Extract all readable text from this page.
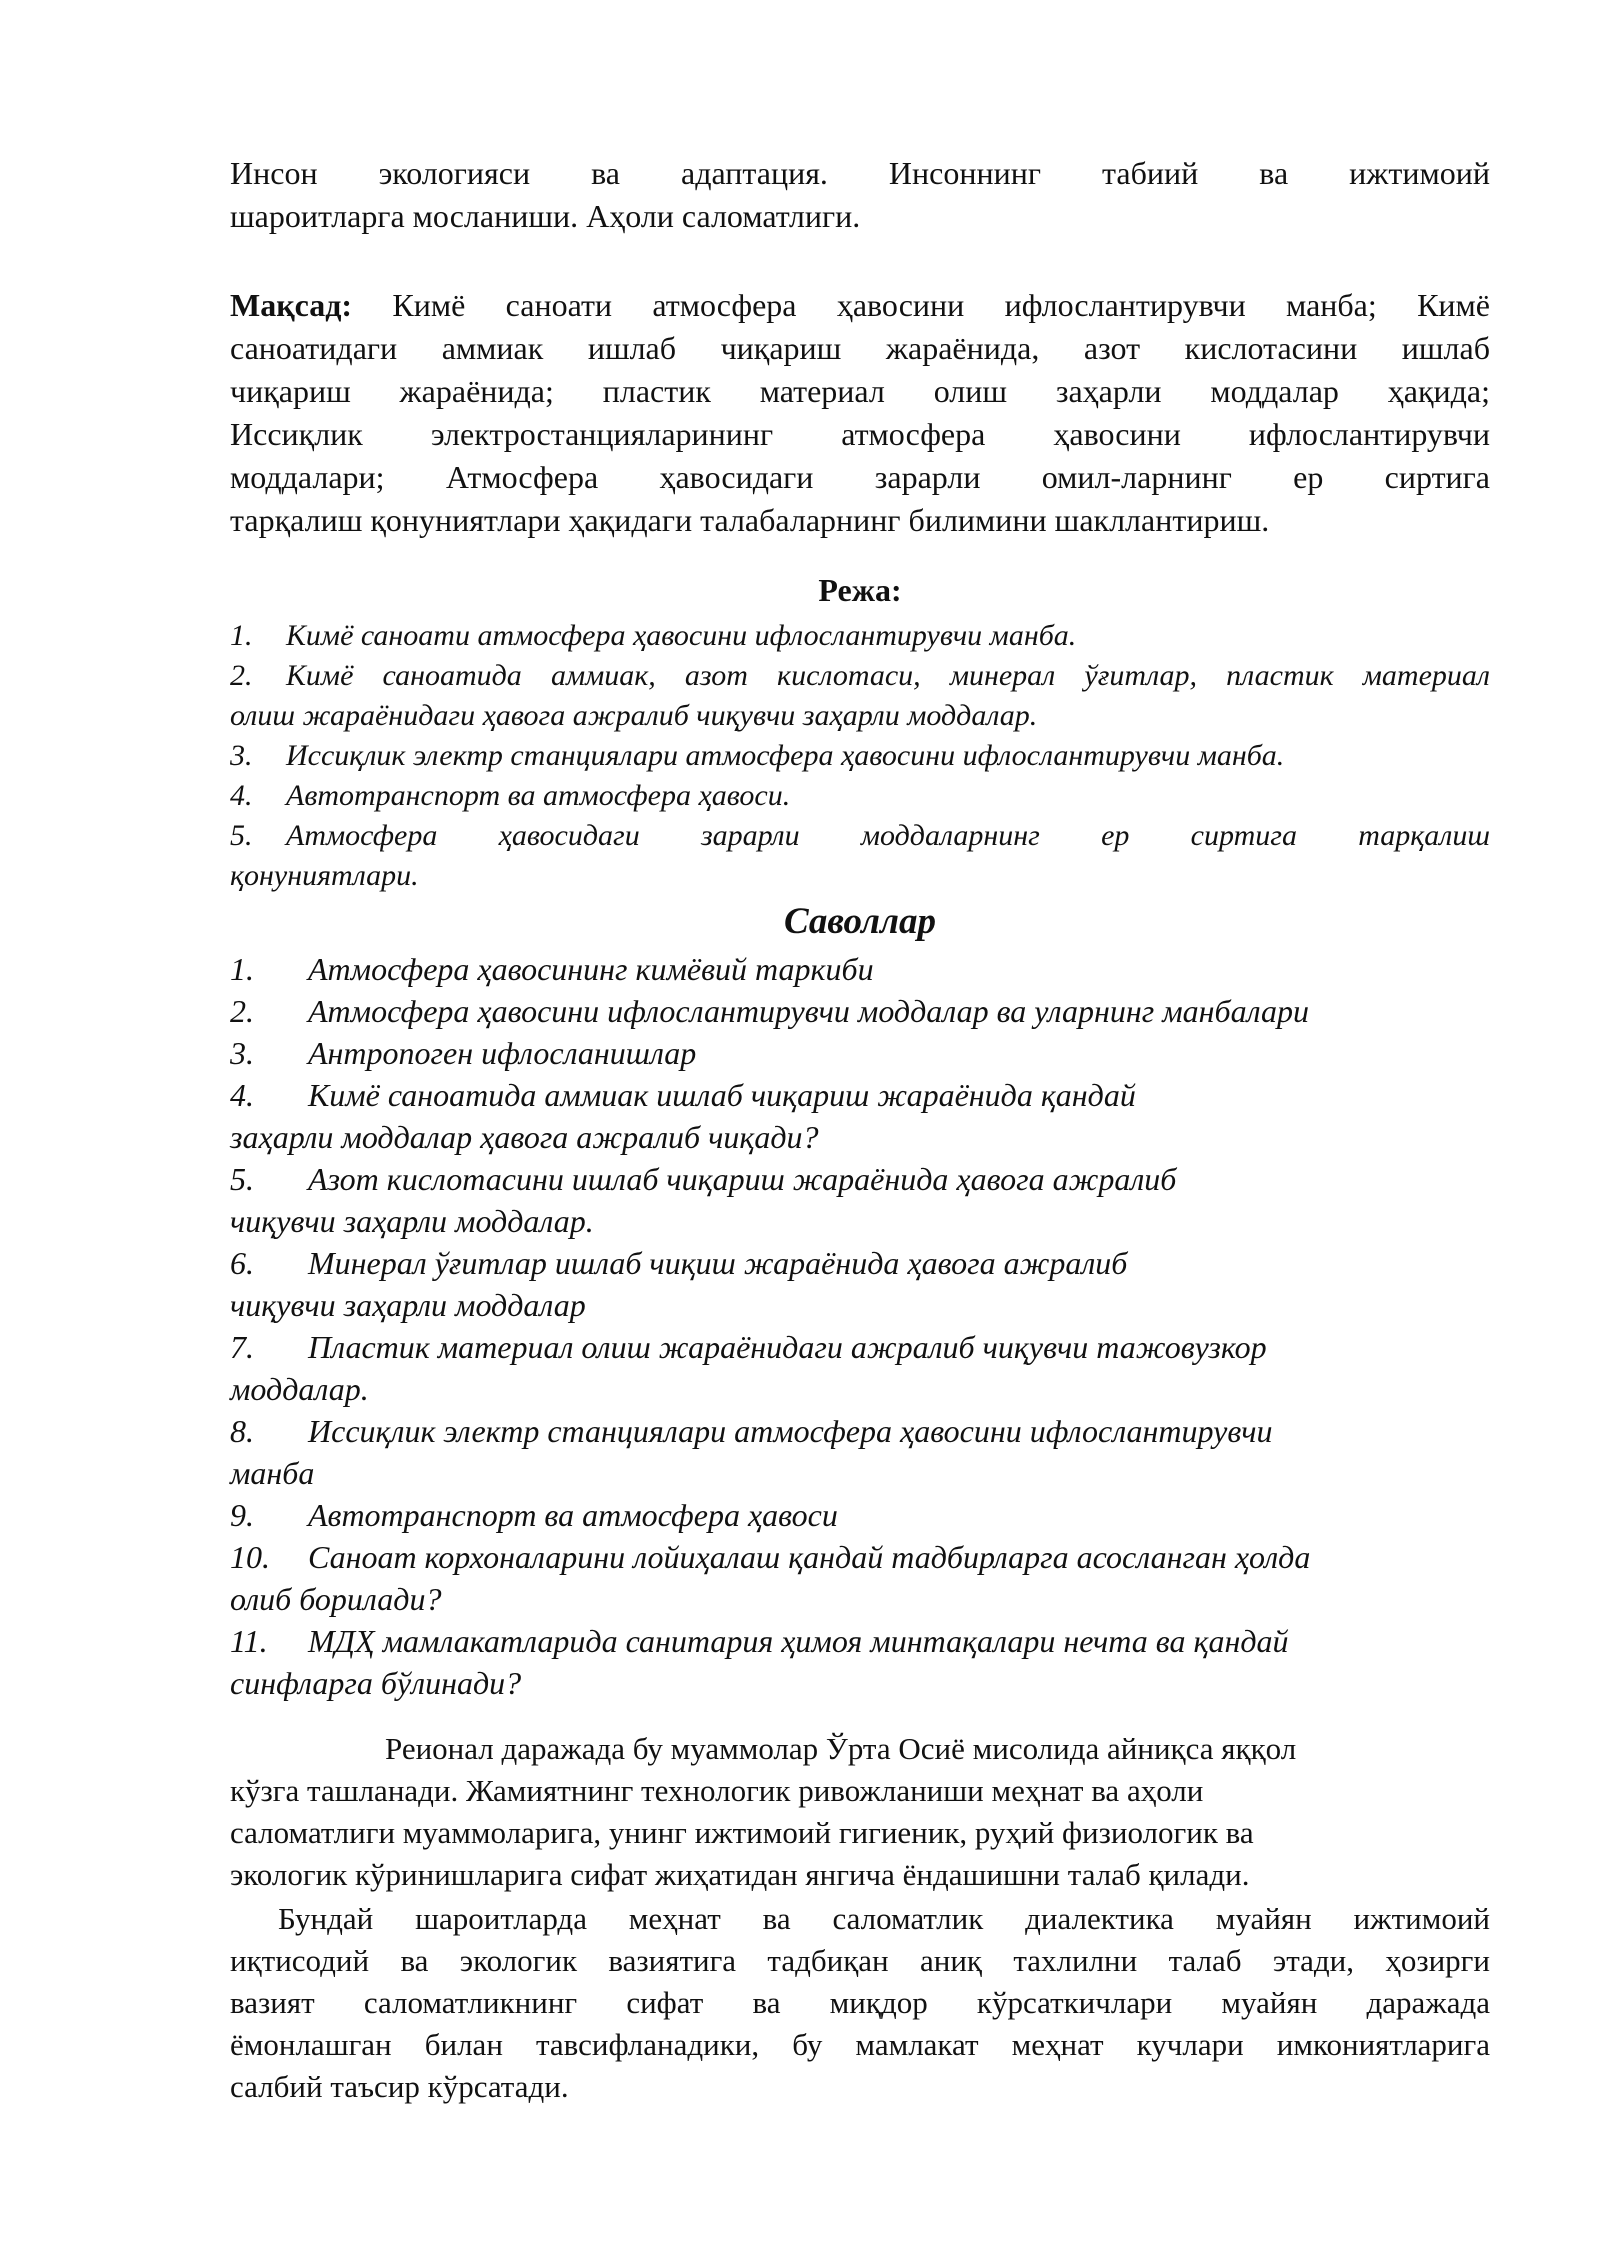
Инсон экологияси ва адаптация. Инсоннинг табиий ва ижтимоий

шароитларга мосланиши. Аҳоли саломатлиги.

Мақсад: Кимё саноати атмосфера ҳавосини ифлослантирувчи манба; Кимё

саноатидаги аммиак ишлаб чиқариш жараёнида, азот кислотасини ишлаб

чиқариш жараёнида; пластик материал олиш заҳарли моддалар ҳақида;

Иссиқлик электростанцияларининг атмосфера ҳавосини ифлослантирувчи

моддалари; Атмосфера ҳавосидаги зарарли омил-ларнинг ер сиртига

тарқалиш қонуниятлари ҳақидаги талабаларнинг билимини шакллантириш.

Режа:

1. Кимё саноати атмосфера ҳавосини ифлослантирувчи манба.

2. Кимё саноатида аммиак, азот кислотаси, минерал ўғитлар, пластик материал

олиш жараёнидаги ҳавога ажралиб чиқувчи заҳарли моддалар.

3. Иссиқлик электр станциялари атмосфера ҳавосини ифлослантирувчи манба.

4. Автотранспорт ва атмосфера ҳавоси.

5. Атмосфера ҳавосидаги зарарли моддаларнинг ер сиртига тарқалиш

қонуниятлари.

Саволлар

1. Атмосфера ҳавосининг кимёвий таркиби

2. Атмосфера ҳавосини ифлослантирувчи моддалар ва уларнинг манбалари

3. Антропоген ифлосланишлар

4. Кимё саноатида аммиак ишлаб чиқариш жараёнида қандай

заҳарли моддалар ҳавога ажралиб чиқади?

5. Азот кислотасини ишлаб чиқариш жараёнида ҳавога ажралиб

чиқувчи заҳарли моддалар.

6. Минерал ўғитлар ишлаб чиқиш жараёнида ҳавога ажралиб

чиқувчи заҳарли моддалар

7. Пластик материал олиш жараёнидаги ажралиб чиқувчи тажовузкор

моддалар.

8. Иссиқлик электр станциялари атмосфера ҳавосини ифлослантирувчи

манба

9. Автотранспорт ва атмосфера ҳавоси

10. Саноат корхоналарини лойиҳалаш қандай тадбирларга асосланган ҳолда

олиб борилади?

11. МДҲ мамлакатларида санитария ҳимоя минтақалари нечта ва қандай

синфларга бўлинади?

Реионал даражада бу муаммолар Ўрта Осиё мисолида айниқса яққол

кўзга ташланади. Жамиятнинг технологик ривожланиши меҳнат ва аҳоли

саломатлиги муаммоларига, унинг ижтимоий гигиеник, руҳий физиологик ва

экологик кўринишларига сифат жиҳатидан янгича ёндашишни талаб қилади.

Бундай шароитларда меҳнат ва саломатлик диалектика муайян ижтимоий

иқтисодий ва экологик вазиятига тадбиқан аниқ тахлилни талаб этади, ҳозирги

вазият саломатликнинг сифат ва миқдор кўрсаткичлари муайян даражада

ёмонлашган билан тавсифланадики, бу мамлакат меҳнат кучлари имкониятларига

салбий таъсир кўрсатади.
